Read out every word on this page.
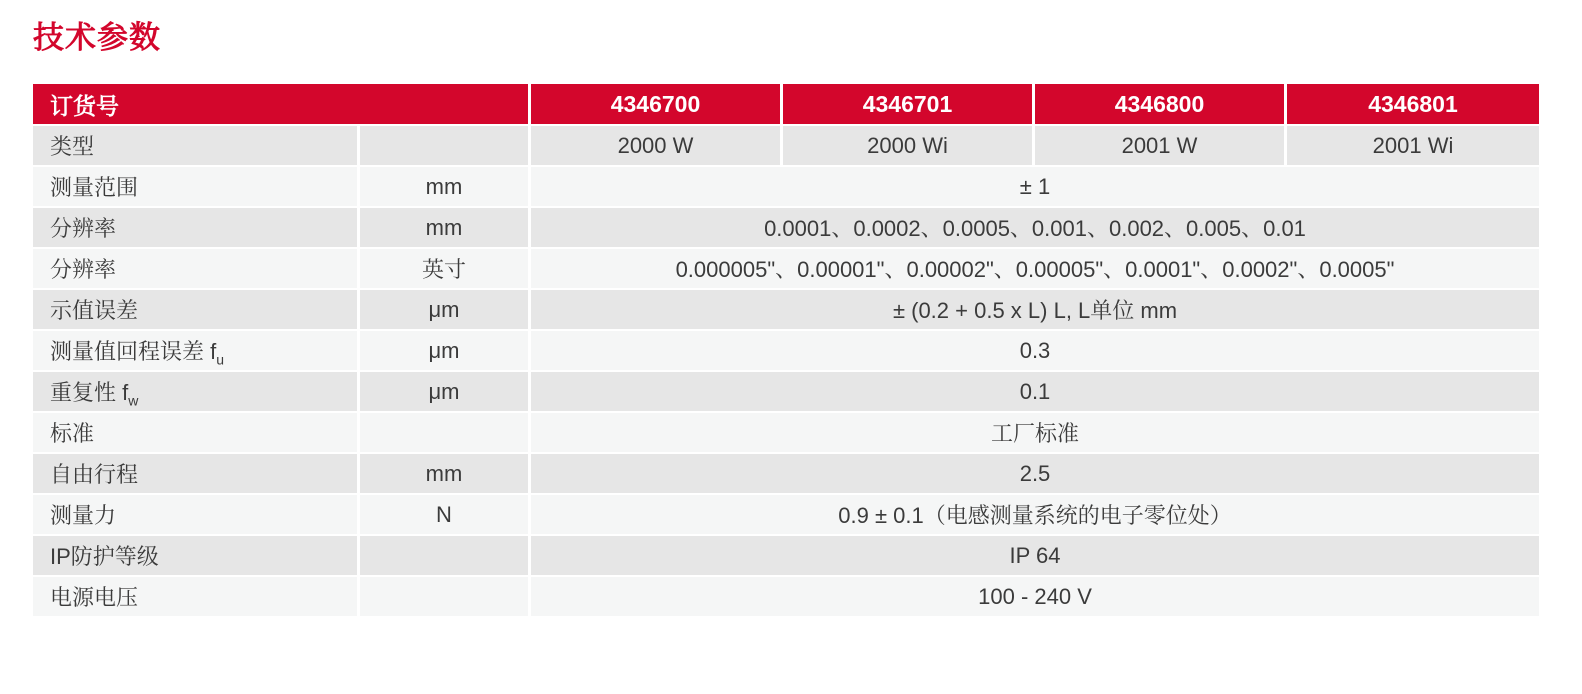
技术参数
订货号		4346700	4346701	4346800	4346801
类型		2000 W	2000 Wi	2001 W	2001 Wi
测量范围	mm	± 1			
分辨率	mm	0.0001、0.0002、0.0005、0.001、0.002、0.005、0.01			
分辨率	英寸	0.000005"、0.00001"、0.00002"、0.00005"、0.0001"、0.0002"、0.0005"			
示值误差	μm	± (0.2 + 0.5 x L) L, L单位 mm			
测量值回程误差 $f_u$	μm	0.3			
重复性 $f_w$	μm	0.1			
标准		工厂标准			
自由行程	mm	2.5			
测量力	N	0.9 ± 0.1（电感测量系统的电子零位处）			
IP防护等级		IP 64			
电源电压		100 - 240 V			
